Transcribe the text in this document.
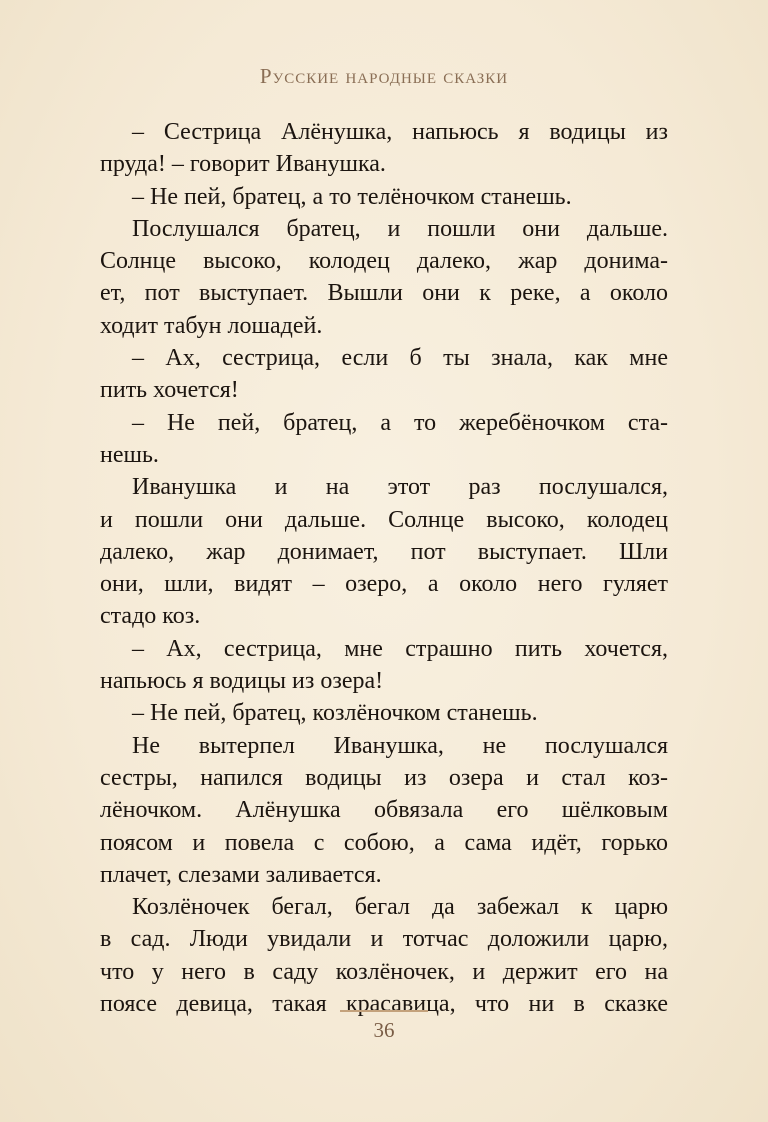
Русские народные сказки
– Сестрица Алёнушка, напьюсь я водицы из
пруда! – говорит Иванушка.
– Не пей, братец, а то телёночком станешь.
Послушался братец, и пошли они дальше.
Солнце высоко, колодец далеко, жар донима-
ет, пот выступает. Вышли они к реке, а около
ходит табун лошадей.
– Ах, сестрица, если б ты знала, как мне
пить хочется!
– Не пей, братец, а то жеребёночком ста-
нешь.
Иванушка и на этот раз послушался,
и пошли они дальше. Солнце высоко, колодец
далеко, жар донимает, пот выступает. Шли
они, шли, видят – озеро, а около него гуляет
стадо коз.
– Ах, сестрица, мне страшно пить хочется,
напьюсь я водицы из озера!
– Не пей, братец, козлёночком станешь.
Не вытерпел Иванушка, не послушался
сестры, напился водицы из озера и стал коз-
лёночком. Алёнушка обвязала его шёлковым
поясом и повела с собою, а сама идёт, горько
плачет, слезами заливается.
Козлёночек бегал, бегал да забежал к царю
в сад. Люди увидали и тотчас доложили царю,
что у него в саду козлёночек, и держит его на
поясе девица, такая красавица, что ни в сказке
36
